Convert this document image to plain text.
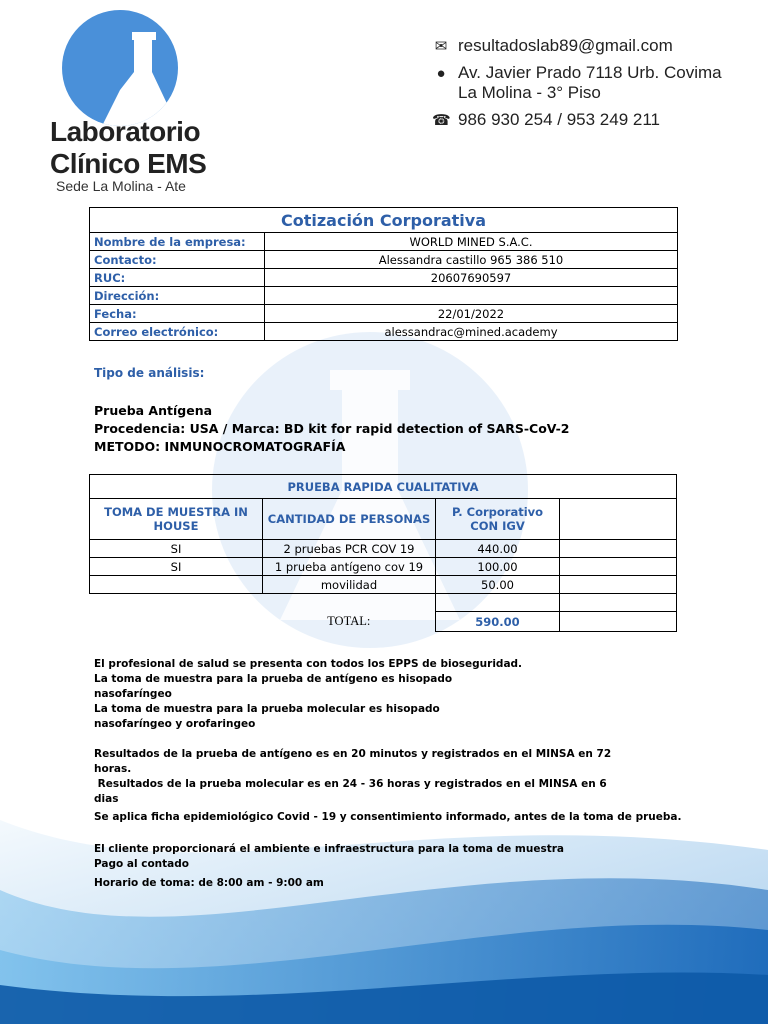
Laboratorio
Clínico EMS
Sede La Molina - Ate
✉ resultadoslab89@gmail.com
● Av. Javier Prado 7118 Urb. Covima
La Molina - 3° Piso
☎ 986 930 254 / 953 249 211
Cotización Corporativa	
Nombre de la empresa:	WORLD MINED S.A.C.
Contacto:	Alessandra castillo 965 386 510
RUC:	20607690597
Dirección:	
Fecha:	22/01/2022
Correo electrónico:	alessandrac@mined.academy
Tipo de análisis:
Prueba Antígena
Procedencia: USA / Marca: BD kit for rapid detection of SARS-CoV-2
METODO: INMUNOCROMATOGRAFÍA
PRUEBA RAPIDA CUALITATIVA			
TOMA DE MUESTRA IN HOUSE	CANTIDAD DE PERSONAS	P. Corporativo CON IGV	
SI	2 pruebas PCR COV 19	440.00	
SI	1 prueba antígeno cov 19	100.00	
	movilidad	50.00	

	TOTAL:	590.00	
El profesional de salud se presenta con todos los EPPS de bioseguridad.
La toma de muestra para la prueba de antígeno es hisopado
nasofaríngeo
La toma de muestra para la prueba molecular es hisopado
nasofaríngeo y orofaringeo
Resultados de la prueba de antígeno es en 20 minutos y registrados en el MINSA en 72
horas.
Resultados de la prueba molecular es en 24 - 36 horas y registrados en el MINSA en 6
dias
Se aplica ficha epidemiológico Covid - 19 y consentimiento informado, antes de la toma de prueba.
El cliente proporcionará el ambiente e infraestructura para la toma de muestra
Pago al contado
Horario de toma: de 8:00 am - 9:00 am
